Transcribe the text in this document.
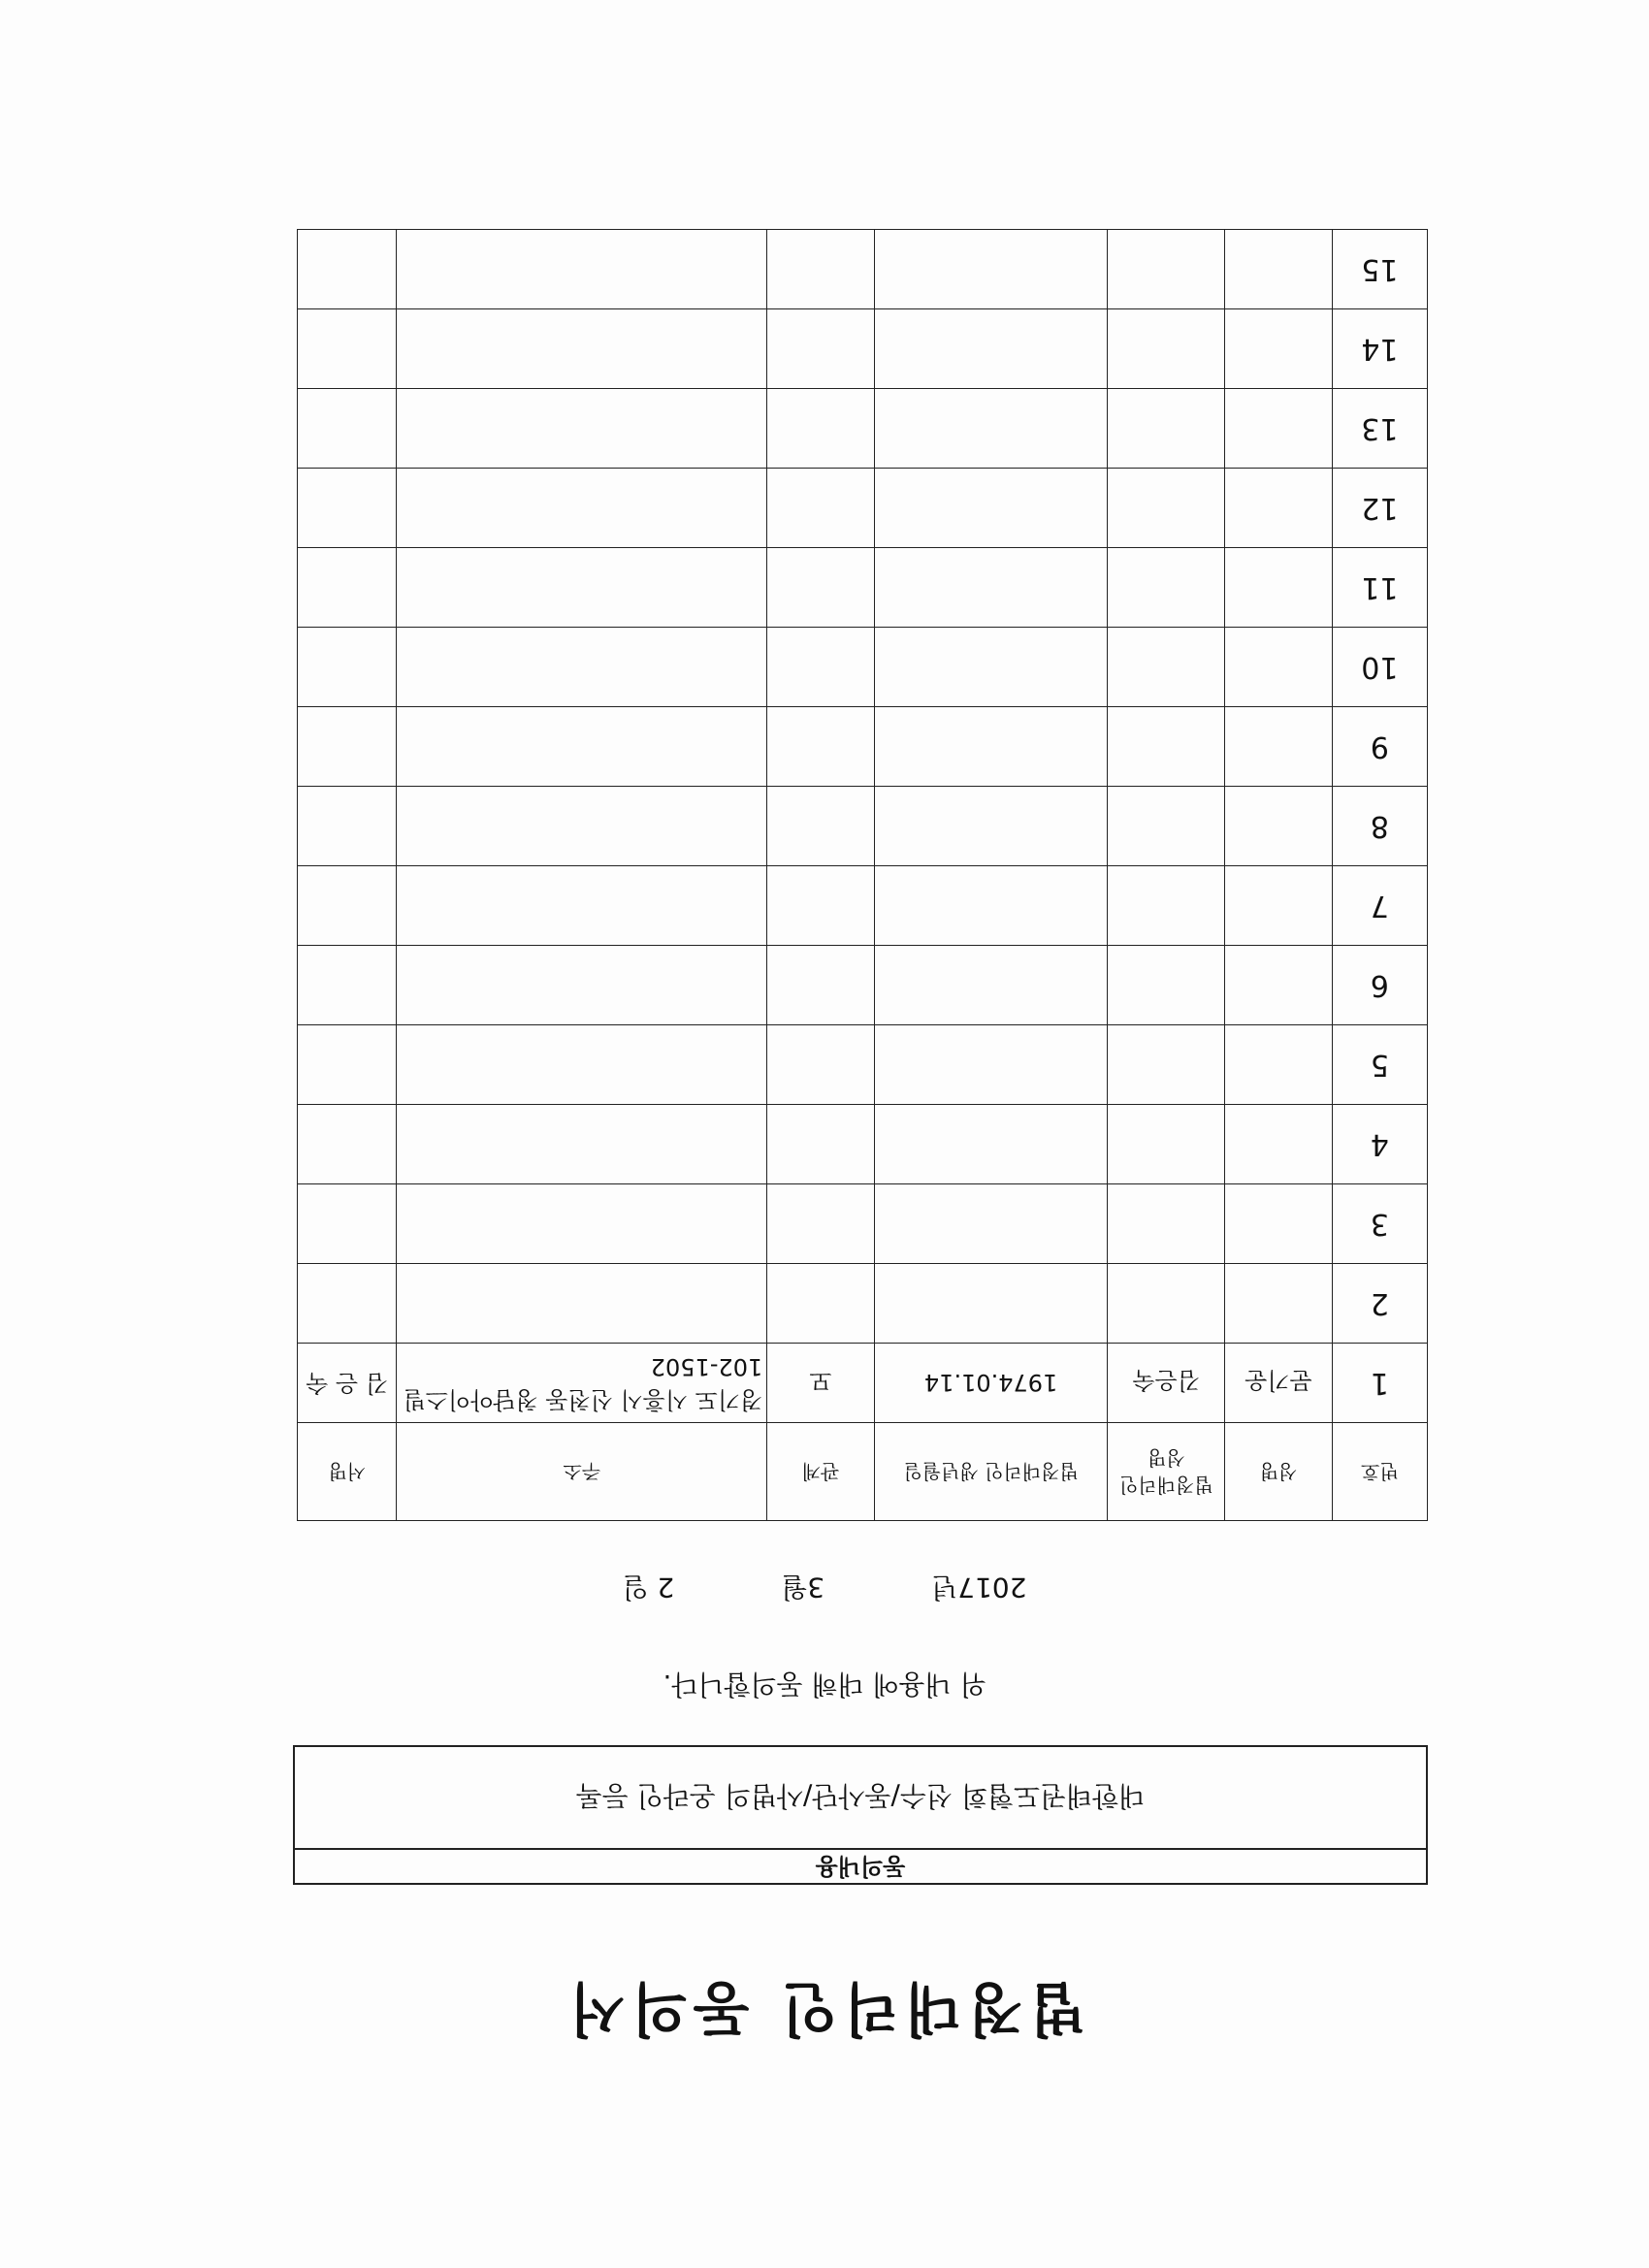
법정대리인 동의서
동의내용
대한태권도협회 선수/동사단/사범의 온라인 등록
위 내용에 대해 동의합니다.
2017년
3월
2 일
번호	성명	법정대리인 성명	법정대리인 생년월일	관계	주소	서명
1	문기운	김은숙	1974.01.14	모	경기도 시흥시 신천동 청담아이스빌 102-1502	김 은 숙
2						
3						
4						
5						
6						
7						
8						
9						
10						
11						
12						
13						
14						
15						
